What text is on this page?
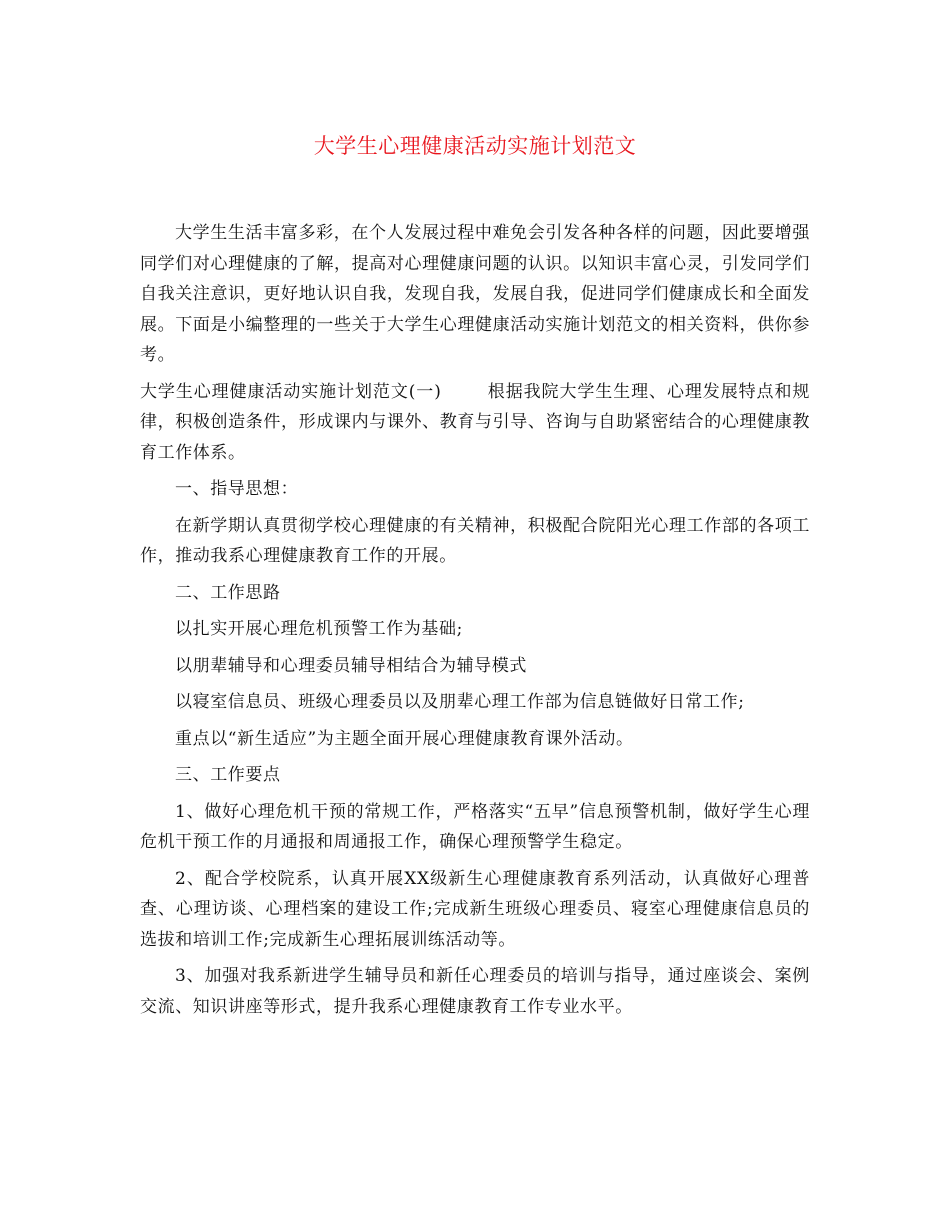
大学生心理健康活动实施计划范文

大学生生活丰富多彩，在个人发展过程中难免会引发各种各样的问题，因此要增强同学们对心理健康的了解，提高对心理健康问题的认识。以知识丰富心灵，引发同学们自我关注意识，更好地认识自我，发现自我，发展自我，促进同学们健康成长和全面发展。下面是小编整理的一些关于大学生心理健康活动实施计划范文的相关资料，供你参考。

大学生心理健康活动实施计划范文(一)	根据我院大学生生理、心理发展特点和规律，积极创造条件，形成课内与课外、教育与引导、咨询与自助紧密结合的心理健康教育工作体系。

一、指导思想：

在新学期认真贯彻学校心理健康的有关精神，积极配合院阳光心理工作部的各项工作，推动我系心理健康教育工作的开展。

二、工作思路

以扎实开展心理危机预警工作为基础;

以朋辈辅导和心理委员辅导相结合为辅导模式

以寝室信息员、班级心理委员以及朋辈心理工作部为信息链做好日常工作;

重点以“新生适应”为主题全面开展心理健康教育课外活动。

三、工作要点

1、做好心理危机干预的常规工作，严格落实“五早”信息预警机制，做好学生心理危机干预工作的月通报和周通报工作，确保心理预警学生稳定。

2、配合学校院系，认真开展XX级新生心理健康教育系列活动，认真做好心理普查、心理访谈、心理档案的建设工作;完成新生班级心理委员、寝室心理健康信息员的选拔和培训工作;完成新生心理拓展训练活动等。

3、加强对我系新进学生辅导员和新任心理委员的培训与指导，通过座谈会、案例交流、知识讲座等形式，提升我系心理健康教育工作专业水平。
